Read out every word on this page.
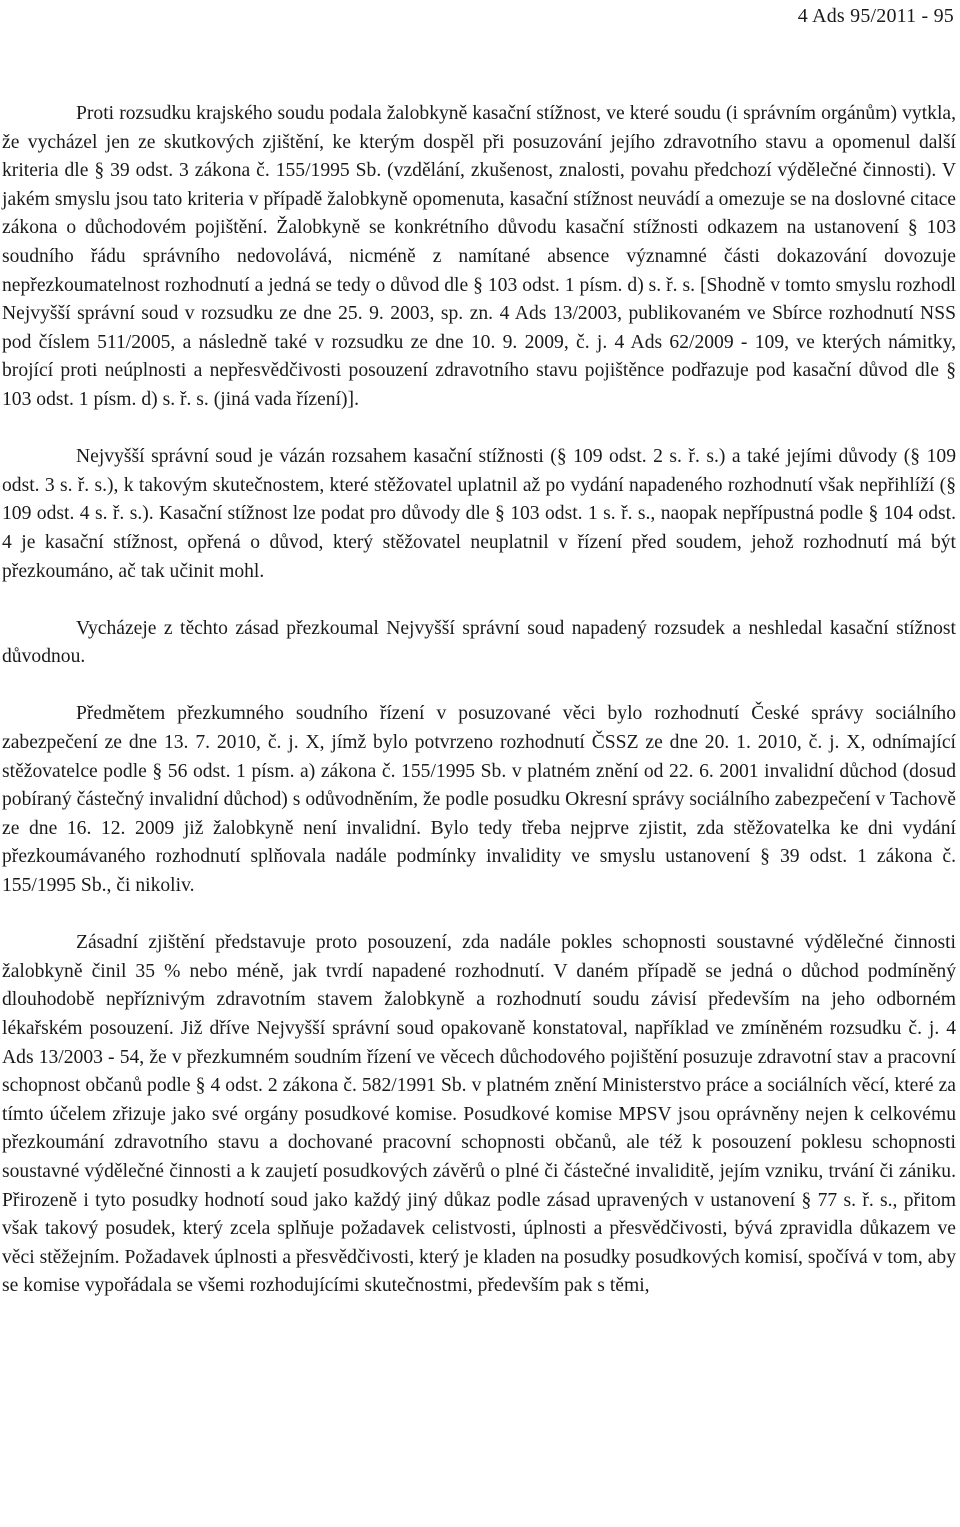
4 Ads 95/2011 - 95

Proti rozsudku krajského soudu podala žalobkyně kasační stížnost, ve které soudu (i správním orgánům) vytkla, že vycházel jen ze skutkových zjištění, ke kterým dospěl při posuzování jejího zdravotního stavu a opomenul další kriteria dle § 39 odst. 3 zákona č. 155/1995 Sb. (vzdělání, zkušenost, znalosti, povahu předchozí výdělečné činnosti). V jakém smyslu jsou tato kriteria v případě žalobkyně opomenuta, kasační stížnost neuvádí a omezuje se na doslovné citace zákona o důchodovém pojištění. Žalobkyně se konkrétního důvodu kasační stížnosti odkazem na ustanovení § 103 soudního řádu správního nedovolává, nicméně z namítané absence významné části dokazování dovozuje nepřezkoumatelnost rozhodnutí a jedná se tedy o důvod dle § 103 odst. 1 písm. d) s. ř. s. [Shodně v tomto smyslu rozhodl Nejvyšší správní soud v rozsudku ze dne 25. 9. 2003, sp. zn. 4 Ads 13/2003, publikovaném ve Sbírce rozhodnutí NSS pod číslem 511/2005, a následně také v rozsudku ze dne 10. 9. 2009, č. j. 4 Ads 62/2009 - 109, ve kterých námitky, brojící proti neúplnosti a nepřesvědčivosti posouzení zdravotního stavu pojištěnce podřazuje pod kasační důvod dle § 103 odst. 1 písm. d) s. ř. s. (jiná vada řízení)].

Nejvyšší správní soud je vázán rozsahem kasační stížnosti (§ 109 odst. 2 s. ř. s.) a také jejími důvody (§ 109 odst. 3 s. ř. s.), k takovým skutečnostem, které stěžovatel uplatnil až po vydání napadeného rozhodnutí však nepřihlíží (§ 109 odst. 4 s. ř. s.). Kasační stížnost lze podat pro důvody dle § 103 odst. 1 s. ř. s., naopak nepřípustná podle § 104 odst. 4 je kasační stížnost, opřená o důvod, který stěžovatel neuplatnil v řízení před soudem, jehož rozhodnutí má být přezkoumáno, ač tak učinit mohl.

Vycházeje z těchto zásad přezkoumal Nejvyšší správní soud napadený rozsudek a neshledal kasační stížnost důvodnou.

Předmětem přezkumného soudního řízení v posuzované věci bylo rozhodnutí České správy sociálního zabezpečení ze dne 13. 7. 2010, č. j. X, jímž bylo potvrzeno rozhodnutí ČSSZ ze dne 20. 1. 2010, č. j. X, odnímající stěžovatelce podle § 56 odst. 1 písm. a) zákona č. 155/1995 Sb. v platném znění od 22. 6. 2001 invalidní důchod (dosud pobíraný částečný invalidní důchod) s odůvodněním, že podle posudku Okresní správy sociálního zabezpečení v Tachově ze dne 16. 12. 2009 již žalobkyně není invalidní. Bylo tedy třeba nejprve zjistit, zda stěžovatelka ke dni vydání přezkoumávaného rozhodnutí splňovala nadále podmínky invalidity ve smyslu ustanovení § 39 odst. 1 zákona č. 155/1995 Sb., či nikoliv.

Zásadní zjištění představuje proto posouzení, zda nadále pokles schopnosti soustavné výdělečné činnosti žalobkyně činil 35 % nebo méně, jak tvrdí napadené rozhodnutí. V daném případě se jedná o důchod podmíněný dlouhodobě nepříznivým zdravotním stavem žalobkyně a rozhodnutí soudu závisí především na jeho odborném lékařském posouzení. Již dříve Nejvyšší správní soud opakovaně konstatoval, například ve zmíněném rozsudku č. j. 4 Ads 13/2003 - 54, že v přezkumném soudním řízení ve věcech důchodového pojištění posuzuje zdravotní stav a pracovní schopnost občanů podle § 4 odst. 2 zákona č. 582/1991 Sb. v platném znění Ministerstvo práce a sociálních věcí, které za tímto účelem zřizuje jako své orgány posudkové komise. Posudkové komise MPSV jsou oprávněny nejen k celkovému přezkoumání zdravotního stavu a dochované pracovní schopnosti občanů, ale též k posouzení poklesu schopnosti soustavné výdělečné činnosti a k zaujetí posudkových závěrů o plné či částečné invaliditě, jejím vzniku, trvání či zániku. Přirozeně i tyto posudky hodnotí soud jako každý jiný důkaz podle zásad upravených v ustanovení § 77 s. ř. s., přitom však takový posudek, který zcela splňuje požadavek celistvosti, úplnosti a přesvědčivosti, bývá zpravidla důkazem ve věci stěžejním. Požadavek úplnosti a přesvědčivosti, který je kladen na posudky posudkových komisí, spočívá v tom, aby se komise vypořádala se všemi rozhodujícími skutečnostmi, především pak s těmi,
